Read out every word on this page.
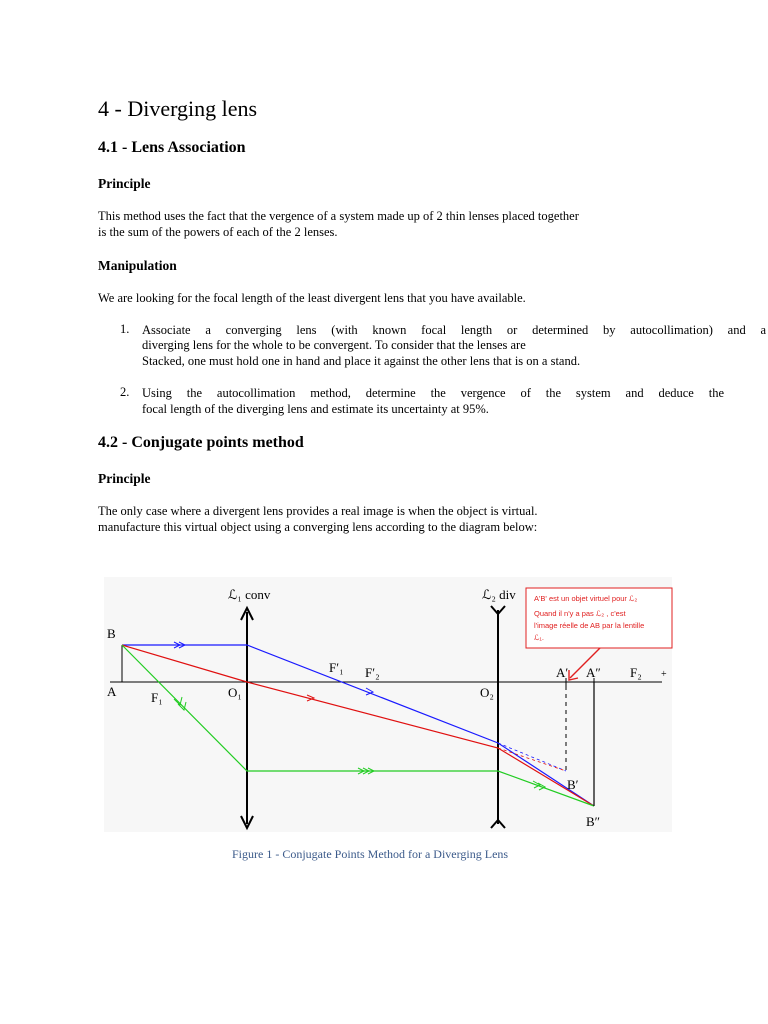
4 - Diverging lens
4.1 - Lens Association
Principle

This method uses the fact that the vergence of a system made up of 2 thin lenses placed together

is the sum of the powers of each of the 2 lenses.

Manipulation

We are looking for the focal length of the least divergent lens that you have available.

1. Associate a converging lens (with known focal length or determined by autocollimation) and a

diverging lens for the whole to be convergent. To consider that the lenses are

Stacked, one must hold one in hand and place it against the other lens that is on a stand.

2. Using the autocollimation method, determine the vergence of the system and deduce the

focal length of the diverging lens and estimate its uncertainty at 95%.

4.2 - Conjugate points method
Principle

The only case where a divergent lens provides a real image is when the object is virtual.

manufacture this virtual object using a converging lens according to the diagram below:

A'B' est un objet virtuel pour ℒ₂
Quand il n'y a pas ℒ₂ , c'est
l'image réelle de AB par la lentille
ℒ₁.
ℒ₁ conv	ℒ₂ div
B
A	F₁	O₁
F′₁ F′₂
O₂
A′ A″ F₂ +
B′
B″
Figure 1 - Conjugate Points Method for a Diverging Lens
